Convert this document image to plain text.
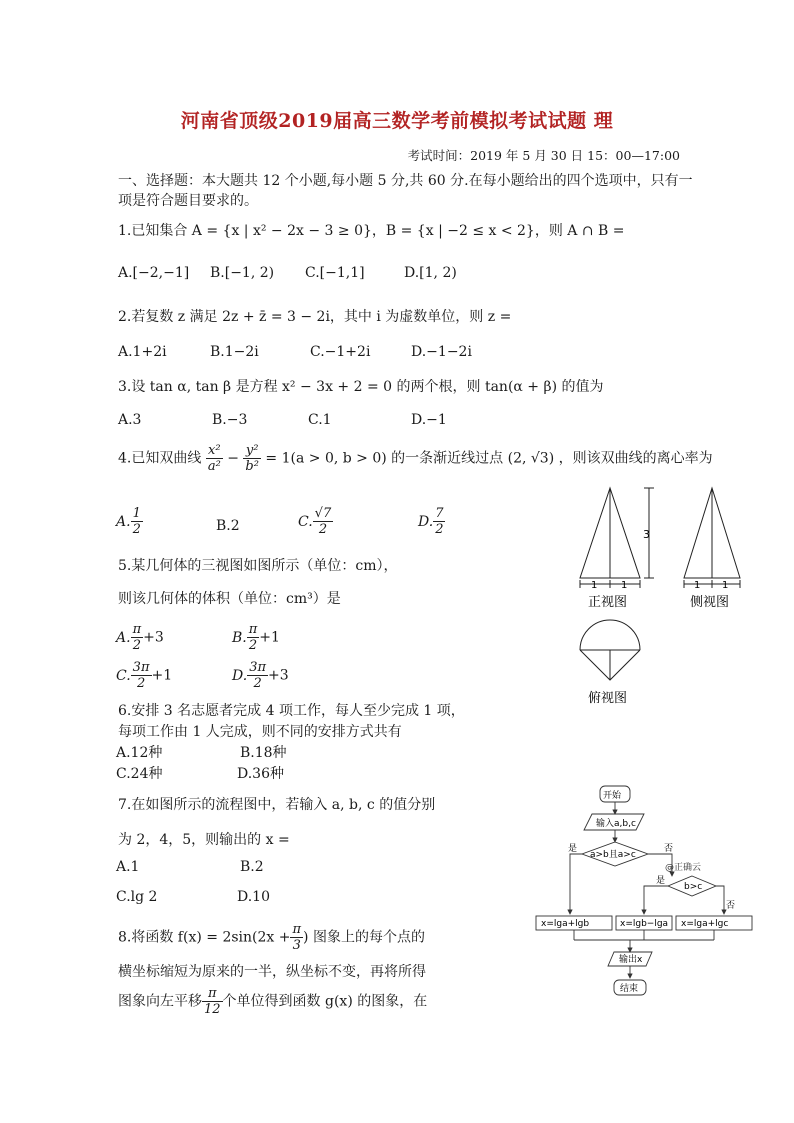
河南省顶级2019届高三数学考前模拟考试试题 理
考试时间：2019 年 5 月 30 日 15：00—17:00
一、选择题：本大题共 12 个小题,每小题 5 分,共 60 分.在每小题给出的四个选项中，只有一
项是符合题目要求的。
1.已知集合 A = {x | x² − 2x − 3 ≥ 0}，B = {x | −2 ≤ x < 2}，则 A ∩ B =
A.[−2,−1] B.[−1, 2) C.[−1,1]	D.[1, 2)
2.若复数 z 满足 2z + z̄ = 3 − 2i，其中 i 为虚数单位，则 z =
A.1+2i	B.1−2i	C.−1+2i	D.−1−2i
3.设 tan α, tan β 是方程 x² − 3x + 2 = 0 的两个根，则 tan(α + β) 的值为
A.3	B.−3	C.1	D.−1
4.已知双曲线 $\frac{\text{x²}}{\text{a²}} - \frac{\text{y²}}{\text{b²}} = 1(a > 0$, b > 0) 的一条渐近线过点 (2, √3) ，则该双曲线的离心率为
A. $\frac{1}{2}$	B.2	C. $\frac{√7}{2}$	D. $\frac{7}{2}$
5.某几何体的三视图如图所示（单位：cm），
则该几何体的体积（单位：cm³）是
A. $\frac{\pi}{2} +3$	B. $\frac{\pi}{2} +1$
C. $\frac{3\pi}{2} +1$	D. $\frac{3\pi}{2} +3$
3
1 1
正视图
1 1
侧视图
俯视图
6.安排 3 名志愿者完成 4 项工作，每人至少完成 1 项，
每项工作由 1 人完成，则不同的安排方式共有
A.12种	B.18种
C.24种	D.36种
7.在如图所示的流程图中，若输入 a, b, c 的值分别
为 2，4，5，则输出的 x =
A.1	B.2
C.lg 2	D.10
开始
输入a,b,c
a>b且a>c
是	否
@正确云
是
b>c
否
x=lga+lgb	x=lgb−lga x=lga+lgc
输出x
结束
8.将函数 $f(x) = 2\sin(2x + \frac{\pi}{3}$ ) 图象上的每个点的
横坐标缩短为原来的一半，纵坐标不变，再将所得
图象向左平移 $\frac{\pi}{12}$ 个单位得到函数 g(x) 的图象，在
